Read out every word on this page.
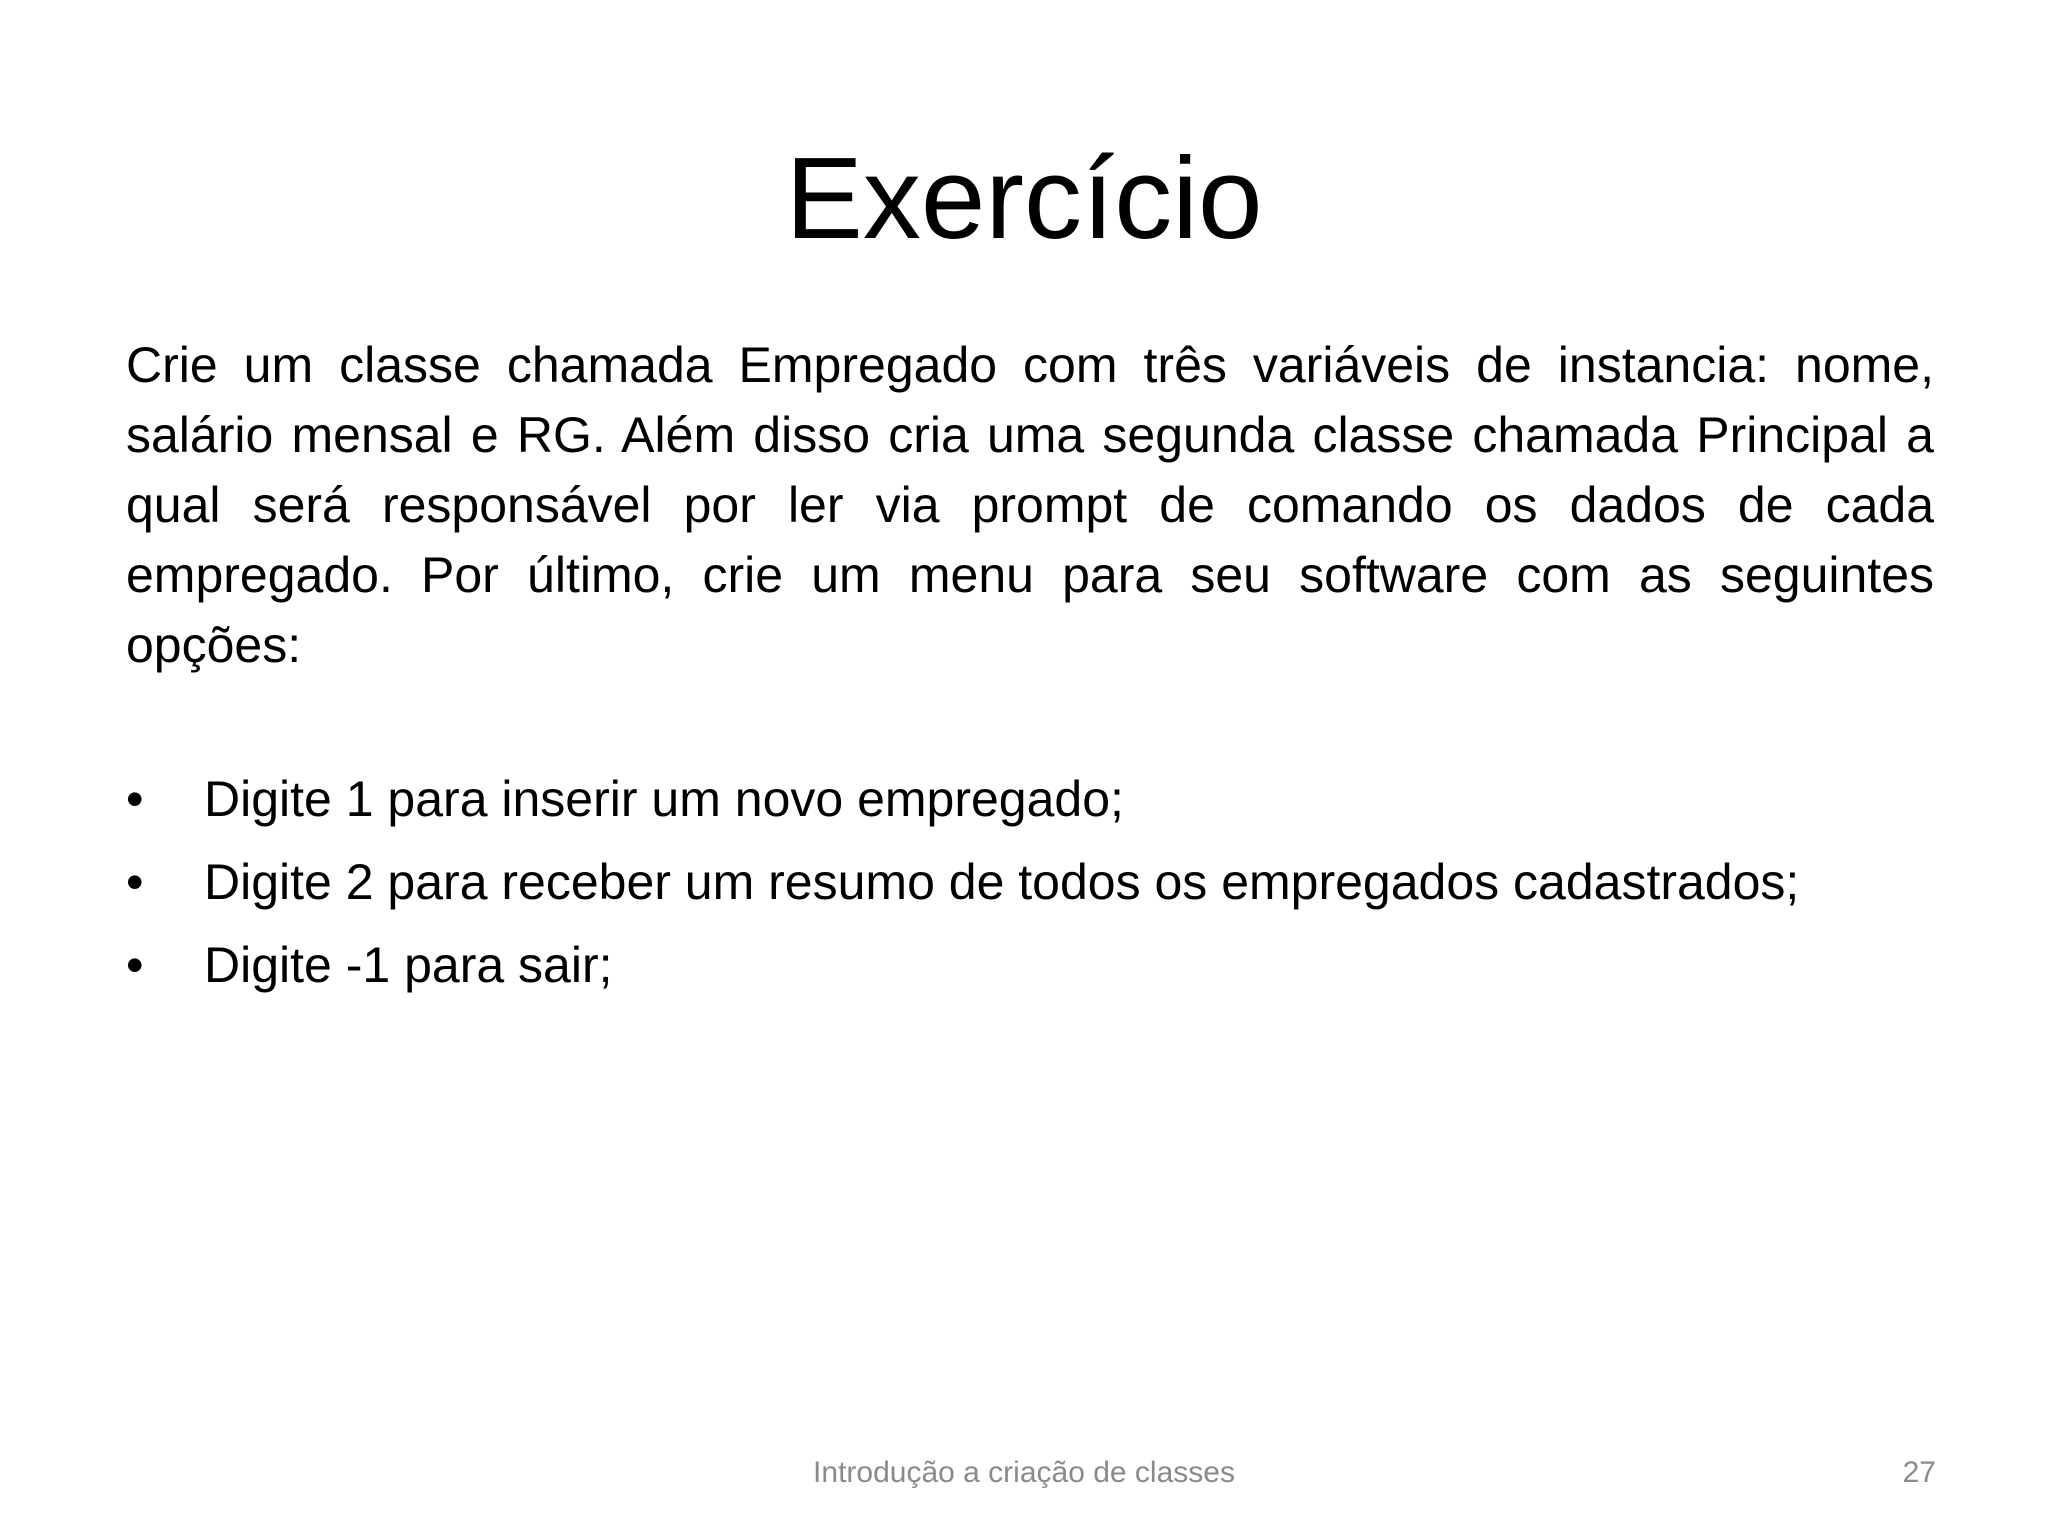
Exercício

Crie um classe chamada Empregado com três variáveis de instancia: nome, salário mensal e RG. Além disso cria uma segunda classe chamada Principal a qual será responsável por ler via prompt de comando os dados de cada empregado. Por último, crie um menu para seu software com as seguintes opções:

•	Digite 1 para inserir um novo empregado;
•	Digite 2 para receber um resumo de todos os empregados cadastrados;
•	Digite -1 para sair;
Introdução a criação de classes	27
